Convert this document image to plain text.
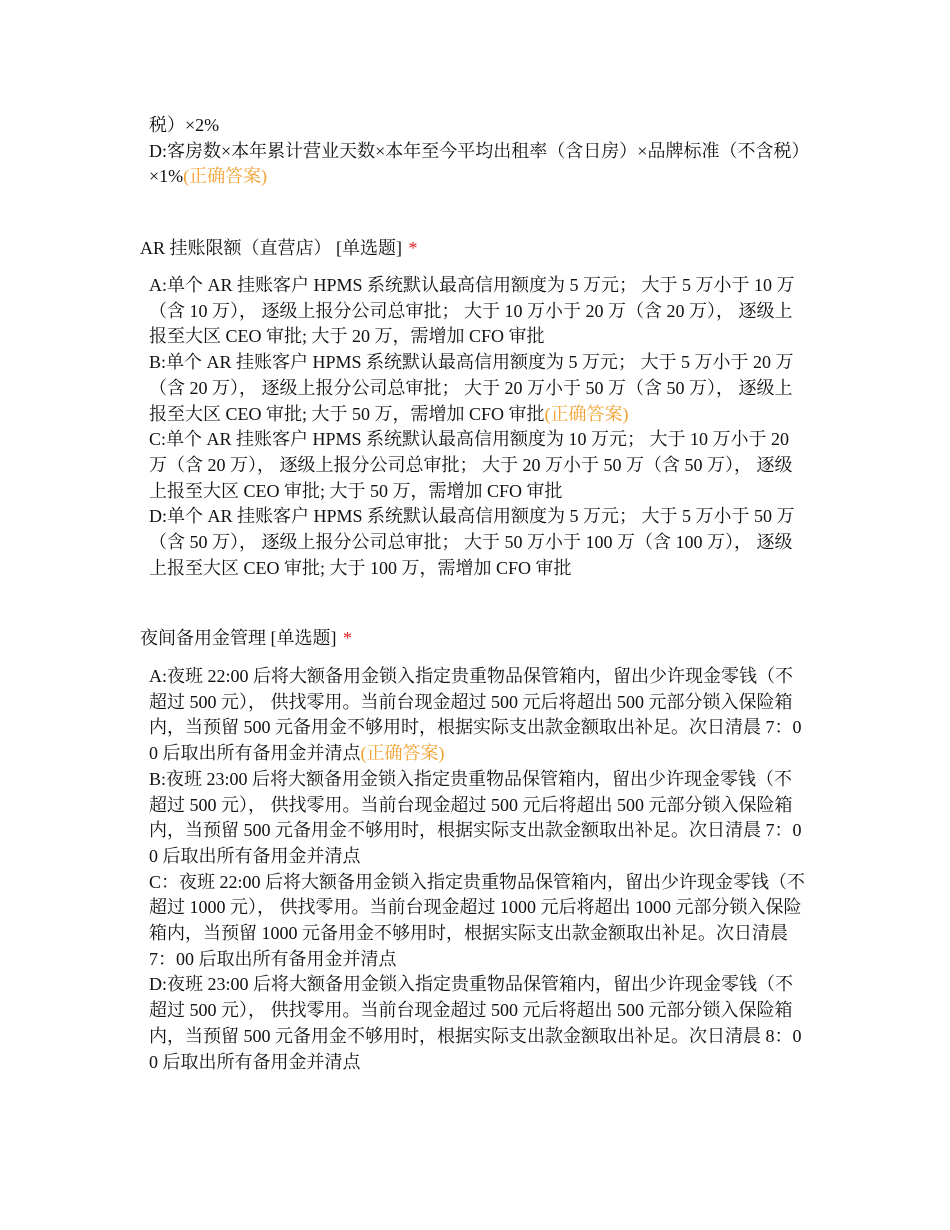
税）×2%
D:客房数×本年累计营业天数×本年至今平均出租率（含日房）×品牌标准（不含税）×1%(正确答案)
AR 挂账限额（直营店） [单选题] *
A:单个 AR 挂账客户 HPMS 系统默认最高信用额度为 5 万元； 大于 5 万小于 10 万（含 10 万）， 逐级上报分公司总审批； 大于 10 万小于 20 万（含 20 万）， 逐级上报至大区 CEO 审批; 大于 20 万，需增加 CFO 审批
B:单个 AR 挂账客户 HPMS 系统默认最高信用额度为 5 万元； 大于 5 万小于 20 万（含 20 万）， 逐级上报分公司总审批； 大于 20 万小于 50 万（含 50 万）， 逐级上报至大区 CEO 审批; 大于 50 万，需增加 CFO 审批(正确答案)
C:单个 AR 挂账客户 HPMS 系统默认最高信用额度为 10 万元； 大于 10 万小于 20 万（含 20 万）， 逐级上报分公司总审批； 大于 20 万小于 50 万（含 50 万）， 逐级上报至大区 CEO 审批; 大于 50 万，需增加 CFO 审批
D:单个 AR 挂账客户 HPMS 系统默认最高信用额度为 5 万元； 大于 5 万小于 50 万（含 50 万）， 逐级上报分公司总审批； 大于 50 万小于 100 万（含 100 万）， 逐级上报至大区 CEO 审批; 大于 100 万，需增加 CFO 审批
夜间备用金管理 [单选题] *
A:夜班 22:00 后将大额备用金锁入指定贵重物品保管箱内，留出少许现金零钱（不超过 500 元）， 供找零用。当前台现金超过 500 元后将超出 500 元部分锁入保险箱内，当预留 500 元备用金不够用时，根据实际支出款金额取出补足。次日清晨 7：00 后取出所有备用金并清点(正确答案)
B:夜班 23:00 后将大额备用金锁入指定贵重物品保管箱内，留出少许现金零钱（不超过 500 元）， 供找零用。当前台现金超过 500 元后将超出 500 元部分锁入保险箱内，当预留 500 元备用金不够用时，根据实际支出款金额取出补足。次日清晨 7：00 后取出所有备用金并清点
C：夜班 22:00 后将大额备用金锁入指定贵重物品保管箱内，留出少许现金零钱（不超过 1000 元）， 供找零用。当前台现金超过 1000 元后将超出 1000 元部分锁入保险箱内，当预留 1000 元备用金不够用时，根据实际支出款金额取出补足。次日清晨 7：00 后取出所有备用金并清点
D:夜班 23:00 后将大额备用金锁入指定贵重物品保管箱内，留出少许现金零钱（不超过 500 元）， 供找零用。当前台现金超过 500 元后将超出 500 元部分锁入保险箱内，当预留 500 元备用金不够用时，根据实际支出款金额取出补足。次日清晨 8：00 后取出所有备用金并清点
